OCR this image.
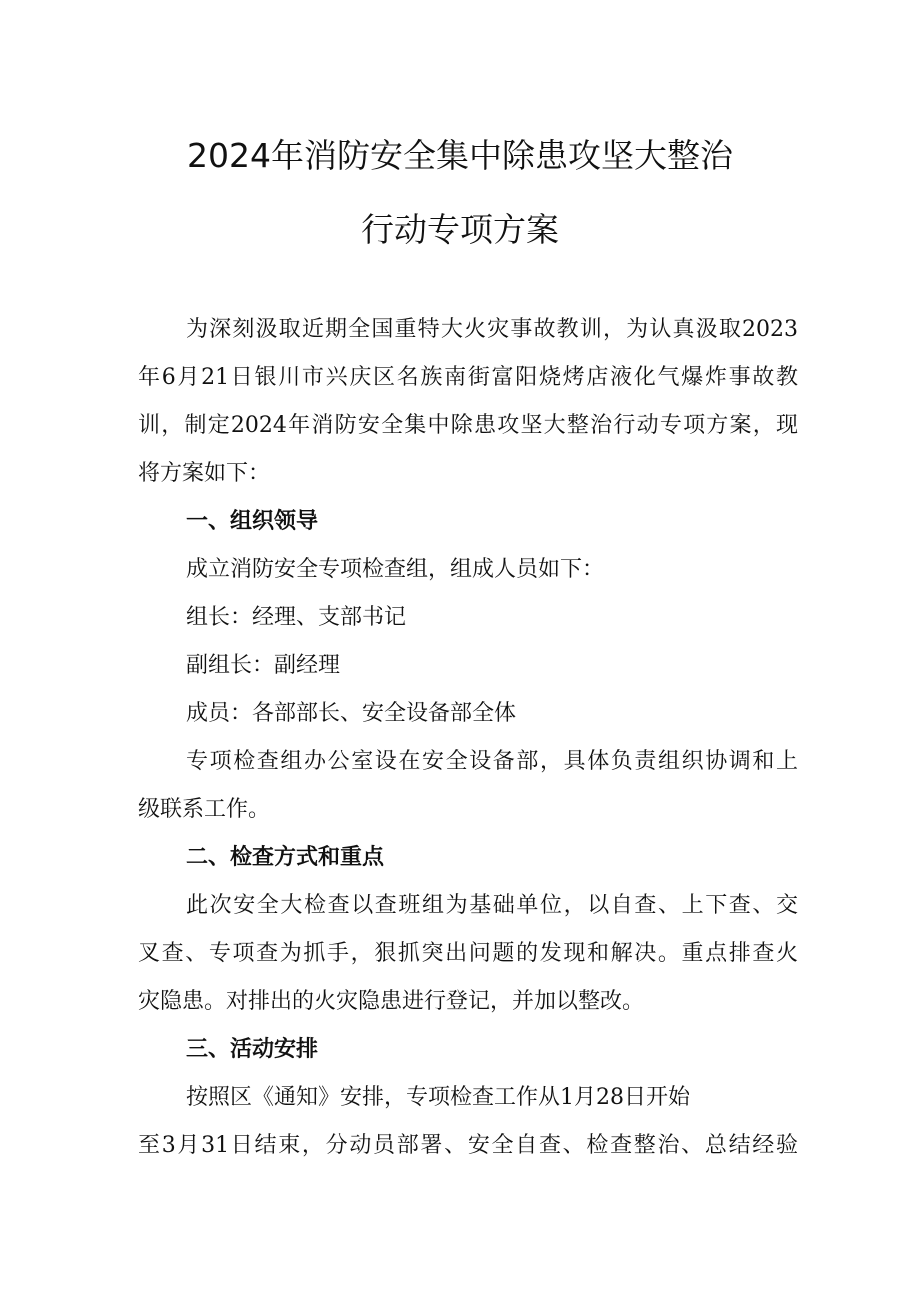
2024年消防安全集中除患攻坚大整治
行动专项方案
为深刻汲取近期全国重特大火灾事故教训，为认真汲取2023
年6月21日银川市兴庆区名族南街富阳烧烤店液化气爆炸事故教
训，制定2024年消防安全集中除患攻坚大整治行动专项方案，现
将方案如下：
一、组织领导
成立消防安全专项检查组，组成人员如下：
组长：经理、支部书记
副组长：副经理
成员：各部部长、安全设备部全体
专项检查组办公室设在安全设备部，具体负责组织协调和上
级联系工作。
二、检查方式和重点
此次安全大检查以查班组为基础单位，以自查、上下查、交
叉查、专项查为抓手，狠抓突出问题的发现和解决。重点排查火
灾隐患。对排出的火灾隐患进行登记，并加以整改。
三、活动安排
按照区《通知》安排，专项检查工作从1月28日开始
至3月31日结束，分动员部署、安全自查、检查整治、总结经验
